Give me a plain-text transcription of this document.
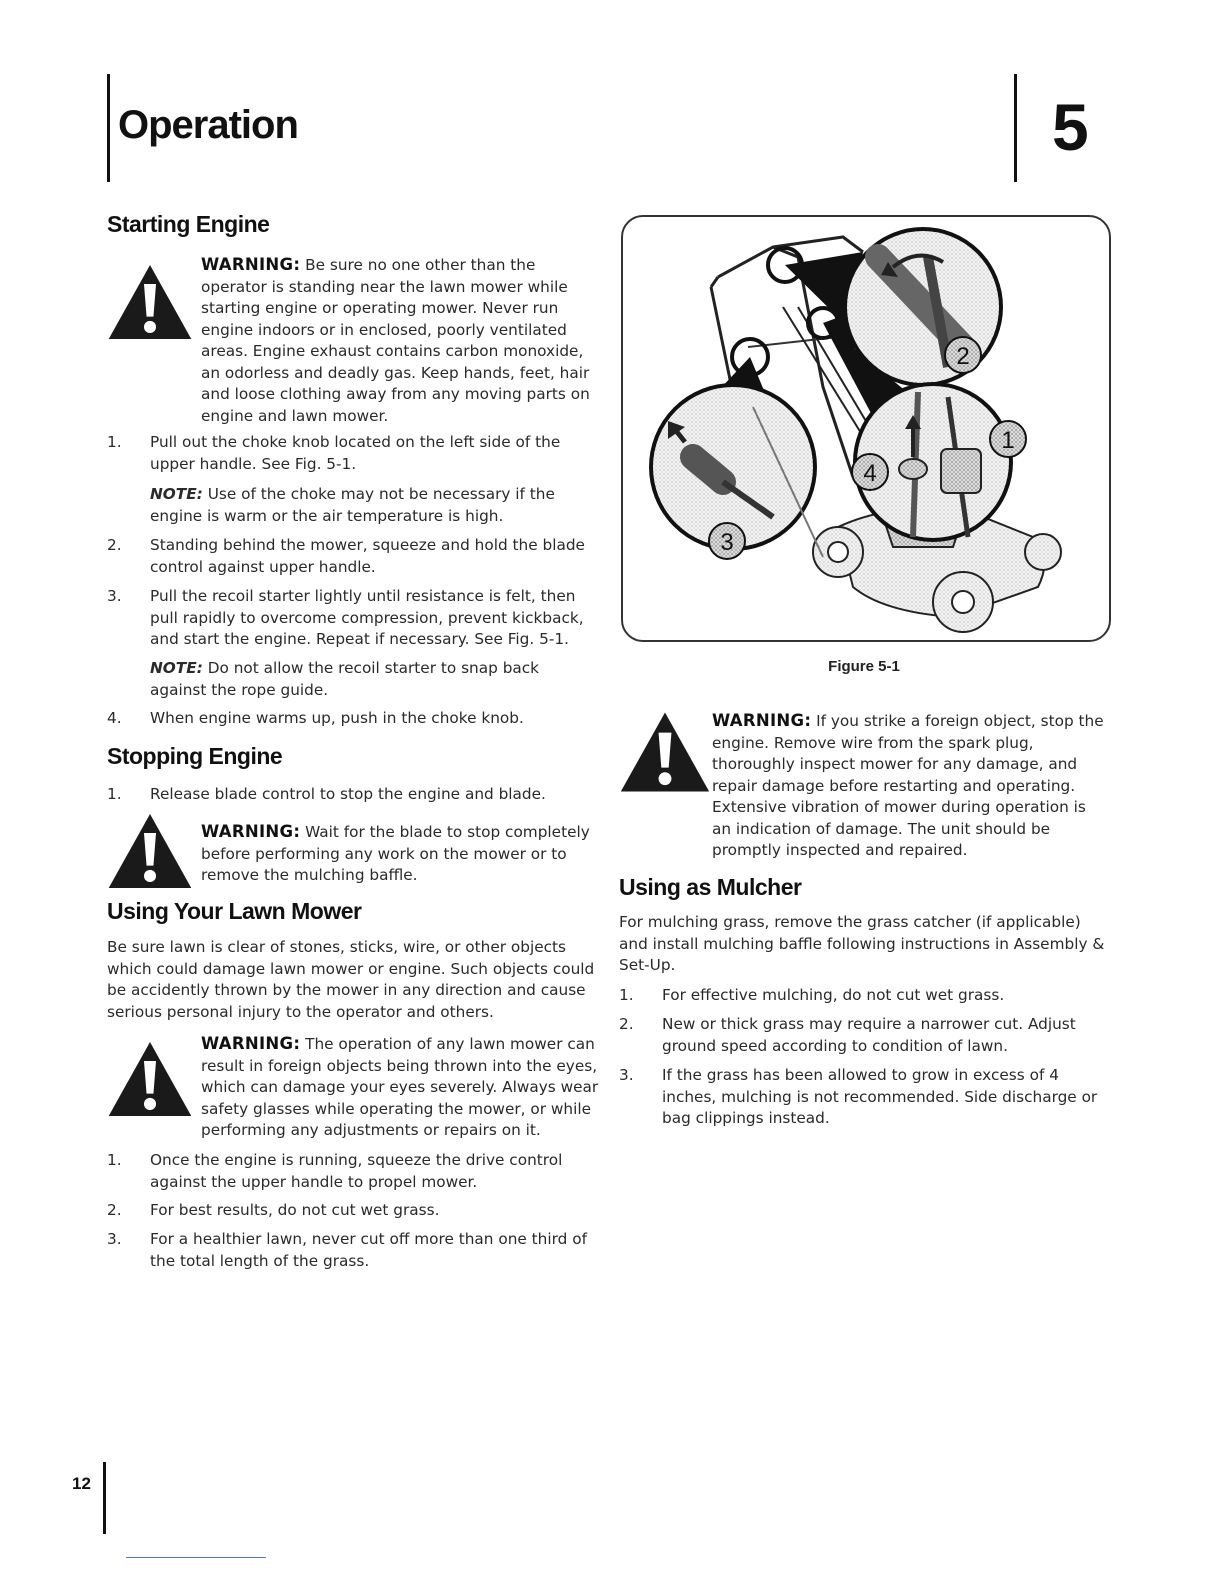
Operation	5
Starting Engine
WARNING: Be sure no one other than the operator is standing near the lawn mower while starting engine or operating mower. Never run engine indoors or in enclosed, poorly ventilated areas. Engine exhaust contains carbon monoxide, an odorless and deadly gas. Keep hands, feet, hair and loose clothing away from any moving parts on engine and lawn mower.
1. Pull out the choke knob located on the left side of the upper handle. See Fig. 5-1.
NOTE: Use of the choke may not be necessary if the engine is warm or the air temperature is high.
2. Standing behind the mower, squeeze and hold the blade control against upper handle.
3. Pull the recoil starter lightly until resistance is felt, then pull rapidly to overcome compression, prevent kickback, and start the engine. Repeat if necessary. See Fig. 5-1.
NOTE: Do not allow the recoil starter to snap back against the rope guide.
4. When engine warms up, push in the choke knob.
Stopping Engine
1. Release blade control to stop the engine and blade.
WARNING: Wait for the blade to stop completely before performing any work on the mower or to remove the mulching baffle.
Using Your Lawn Mower
Be sure lawn is clear of stones, sticks, wire, or other objects which could damage lawn mower or engine. Such objects could be accidently thrown by the mower in any direction and cause serious personal injury to the operator and others.
WARNING: The operation of any lawn mower can result in foreign objects being thrown into the eyes, which can damage your eyes severely. Always wear safety glasses while operating the mower, or while performing any adjustments or repairs on it.
1. Once the engine is running, squeeze the drive control against the upper handle to propel mower.
2. For best results, do not cut wet grass.
3. For a healthier lawn, never cut off more than one third of the total length of the grass.
2
1
4
3
Figure 5-1
WARNING: If you strike a foreign object, stop the engine. Remove wire from the spark plug, thoroughly inspect mower for any damage, and repair damage before restarting and operating. Extensive vibration of mower during operation is an indication of damage. The unit should be promptly inspected and repaired.
Using as Mulcher
For mulching grass, remove the grass catcher (if applicable) and install mulching baffle following instructions in Assembly & Set-Up.
1. For effective mulching, do not cut wet grass.
2. New or thick grass may require a narrower cut. Adjust ground speed according to condition of lawn.
3. If the grass has been allowed to grow in excess of 4 inches, mulching is not recommended. Side discharge or bag clippings instead.
12
